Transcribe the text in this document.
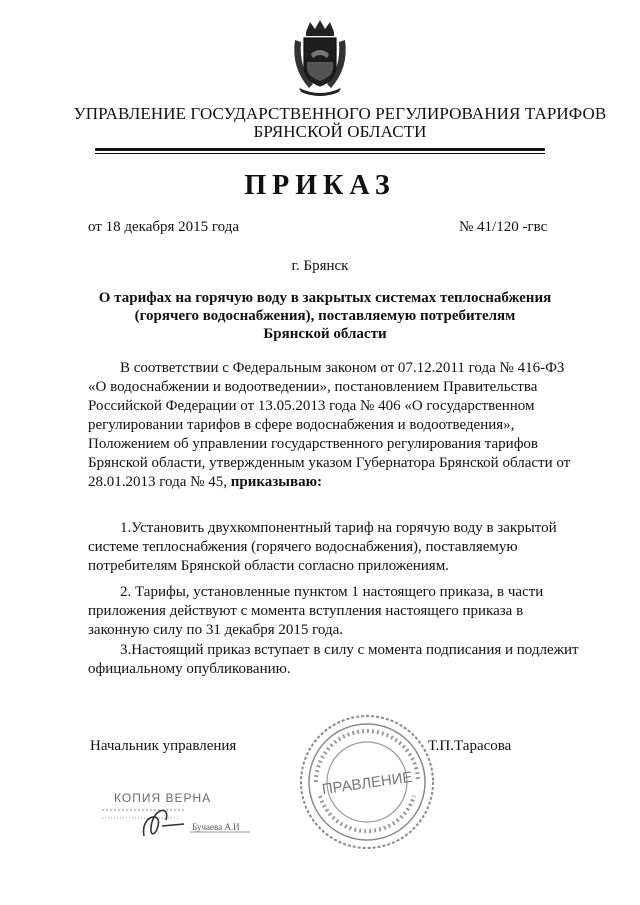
УПРАВЛЕНИЕ ГОСУДАРСТВЕННОГО РЕГУЛИРОВАНИЯ ТАРИФОВ
БРЯНСКОЙ ОБЛАСТИ
ПРИКАЗ
от 18 декабря 2015 года	№ 41/120 -гвс
г. Брянск
О тарифах на горячую воду в закрытых системах теплоснабжения
(горячего водоснабжения), поставляемую потребителям
Брянской области
В соответствии с Федеральным законом от 07.12.2011 года № 416-ФЗ
«О водоснабжении и водоотведении», постановлением Правительства
Российской Федерации от 13.05.2013 года № 406 «О государственном
регулировании тарифов в сфере водоснабжения и водоотведения»,
Положением об управлении государственного регулирования тарифов
Брянской области, утвержденным указом Губернатора Брянской области от
28.01.2013 года № 45, приказываю:
1.Установить двухкомпонентный тариф на горячую воду в закрытой
системе теплоснабжения (горячего водоснабжения), поставляемую
потребителям Брянской области согласно приложениям.
2. Тарифы, установленные пунктом 1 настоящего приказа, в части
приложения действуют с момента вступления настоящего приказа в
законную силу по 31 декабря 2015 года.
3.Настоящий приказ вступает в силу с момента подписания и подлежит
официальному опубликованию.
Начальник управления	Т.П.Тарасова
ПРАВЛЕНИЕ
КОПИЯ ВЕРНА
Бучаева А.И
